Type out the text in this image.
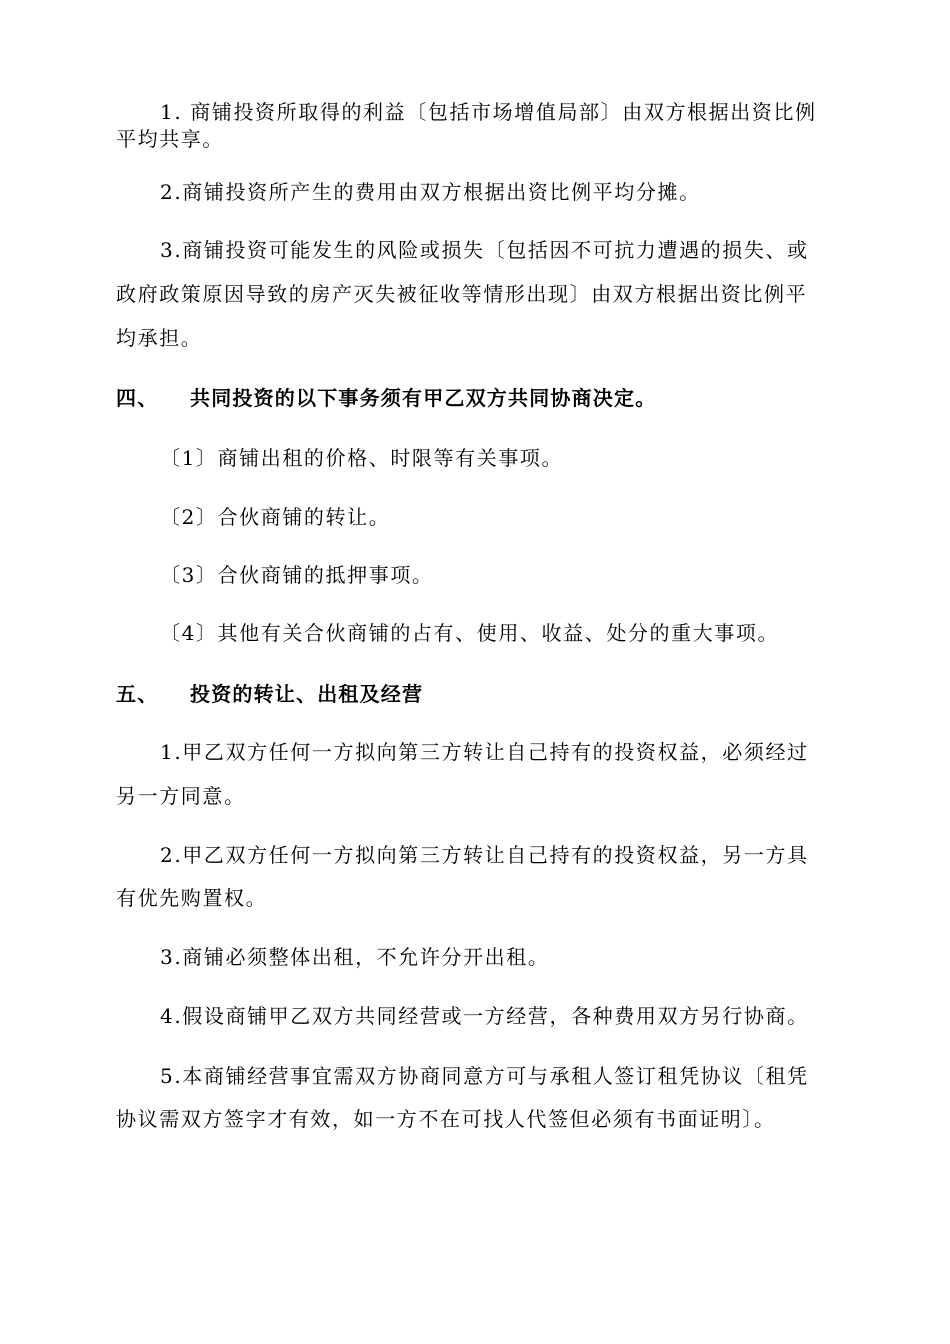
1. 商铺投资所取得的利益〔包括市场增值局部〕由双方根据出资比例
平均共享。
2.商铺投资所产生的费用由双方根据出资比例平均分摊。
3.商铺投资可能发生的风险或损失〔包括因不可抗力遭遇的损失、或
政府政策原因导致的房产灭失被征收等情形出现〕由双方根据出资比例平
均承担。
四、 共同投资的以下事务须有甲乙双方共同协商决定。
〔1〕商铺出租的价格、时限等有关事项。
〔2〕合伙商铺的转让。
〔3〕合伙商铺的抵押事项。
〔4〕其他有关合伙商铺的占有、使用、收益、处分的重大事项。
五、 投资的转让、出租及经营
1.甲乙双方任何一方拟向第三方转让自己持有的投资权益，必须经过
另一方同意。
2.甲乙双方任何一方拟向第三方转让自己持有的投资权益，另一方具
有优先购置权。
3.商铺必须整体出租，不允许分开出租。
4.假设商铺甲乙双方共同经营或一方经营，各种费用双方另行协商。
5.本商铺经营事宜需双方协商同意方可与承租人签订租凭协议〔租凭
协议需双方签字才有效，如一方不在可找人代签但必须有书面证明〕。
